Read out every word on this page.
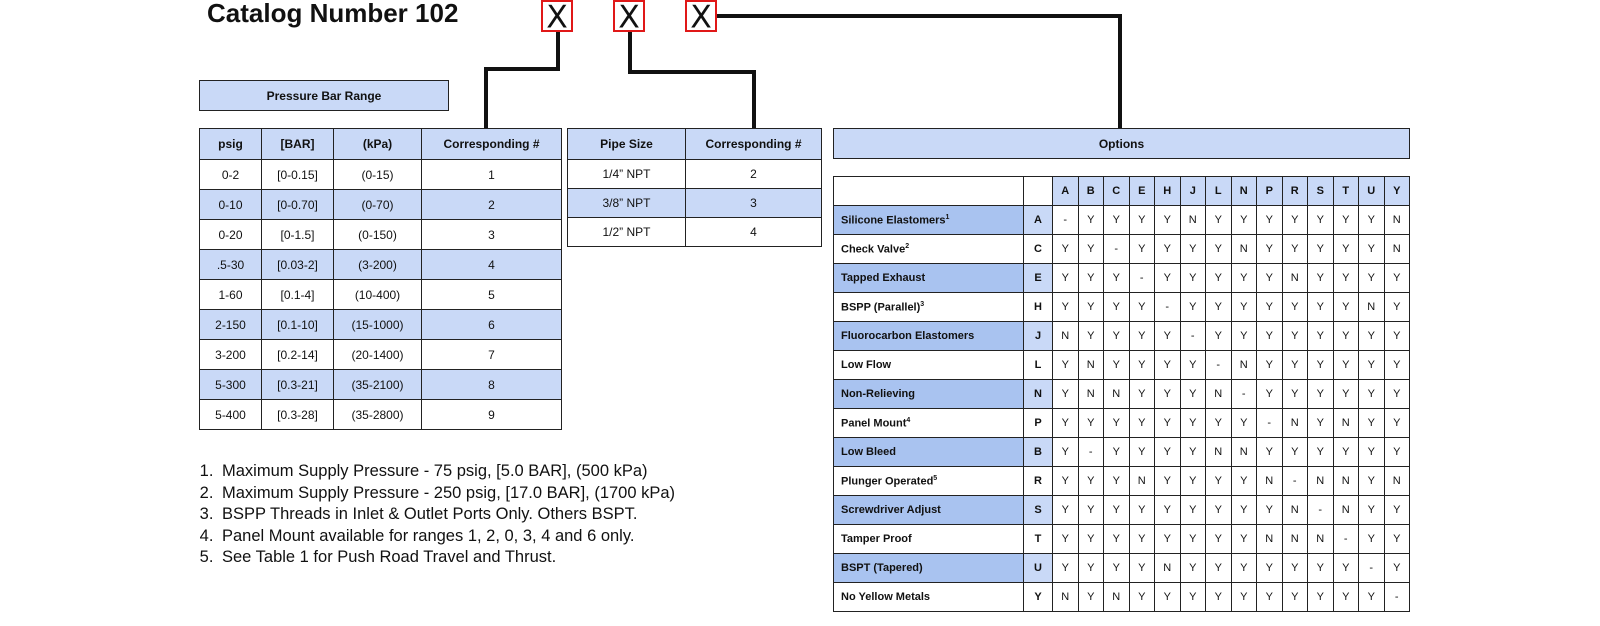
Catalog Number 102 X X X
Pressure Bar Range
psig	[BAR]	(kPa)	Corresponding #
0-2	[0-0.15]	(0-15)	1
0-10	[0-0.70]	(0-70)	2
0-20	[0-1.5]	(0-150)	3
.5-30	[0.03-2]	(3-200)	4
1-60	[0.1-4]	(10-400)	5
2-150	[0.1-10]	(15-1000)	6
3-200	[0.2-14]	(20-1400)	7
5-300	[0.3-21]	(35-2100)	8
5-400	[0.3-28]	(35-2800)	9
Pipe Size	Corresponding #
1/4” NPT	2
3/8” NPT	3
1/2” NPT	4
Options
		A	B	C	E	H	J	L	N	P	R	S	T	U	Y
Silicone Elastomers$^1$	A	-	Y	Y	Y	Y	N	Y	Y	Y	Y	Y	Y	Y	N
Check Valve$^2$	C	Y	Y	-	Y	Y	Y	Y	N	Y	Y	Y	Y	Y	N
Tapped Exhaust	E	Y	Y	Y	-	Y	Y	Y	Y	Y	N	Y	Y	Y	Y
BSPP (Parallel)$^3$	H	Y	Y	Y	Y	-	Y	Y	Y	Y	Y	Y	Y	N	Y
Fluorocarbon Elastomers	J	N	Y	Y	Y	Y	-	Y	Y	Y	Y	Y	Y	Y	Y
Low Flow	L	Y	N	Y	Y	Y	Y	-	N	Y	Y	Y	Y	Y	Y
Non-Relieving	N	Y	N	N	Y	Y	Y	N	-	Y	Y	Y	Y	Y	Y
Panel Mount$^4$	P	Y	Y	Y	Y	Y	Y	Y	Y	-	N	Y	N	Y	Y
Low Bleed	B	Y	-	Y	Y	Y	Y	N	N	Y	Y	Y	Y	Y	Y
Plunger Operated$^5$	R	Y	Y	Y	N	Y	Y	Y	Y	N	-	N	N	Y	N
Screwdriver Adjust	S	Y	Y	Y	Y	Y	Y	Y	Y	Y	N	-	N	Y	Y
Tamper Proof	T	Y	Y	Y	Y	Y	Y	Y	Y	N	N	N	-	Y	Y
BSPT (Tapered)	U	Y	Y	Y	Y	N	Y	Y	Y	Y	Y	Y	Y	-	Y
No Yellow Metals	Y	N	Y	N	Y	Y	Y	Y	Y	Y	Y	Y	Y	Y	-
1. Maximum Supply Pressure - 75 psig, [5.0 BAR], (500 kPa)
2. Maximum Supply Pressure - 250 psig, [17.0 BAR], (1700 kPa)
3. BSPP Threads in Inlet & Outlet Ports Only. Others BSPT.
4. Panel Mount available for ranges 1, 2, 0, 3, 4 and 6 only.
5. See Table 1 for Push Road Travel and Thrust.
